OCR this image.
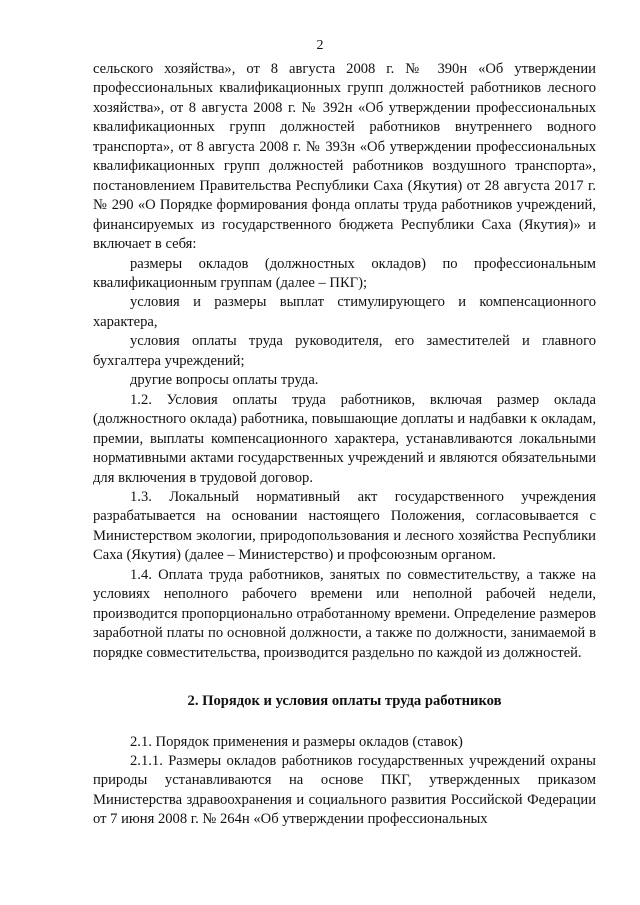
2

сельского хозяйства», от 8 августа 2008 г. № 390н «Об утверждении профессиональных квалификационных групп должностей работников лесного хозяйства», от 8 августа 2008 г. № 392н «Об утверждении профессиональных квалификационных групп должностей работников внутреннего водного транспорта», от 8 августа 2008 г. № 393н «Об утверждении профессиональных квалификационных групп должностей работников воздушного транспорта», постановлением Правительства Республики Саха (Якутия) от 28 августа 2017 г. № 290 «О Порядке формирования фонда оплаты труда работников учреждений, финансируемых из государственного бюджета Республики Саха (Якутия)» и включает в себя:

размеры окладов (должностных окладов) по профессиональным квалификационным группам (далее – ПКГ);

условия и размеры выплат стимулирующего и компенсационного характера,

условия оплаты труда руководителя, его заместителей и главного бухгалтера учреждений;

другие вопросы оплаты труда.

1.2. Условия оплаты труда работников, включая размер оклада (должностного оклада) работника, повышающие доплаты и надбавки к окладам, премии, выплаты компенсационного характера, устанавливаются локальными нормативными актами государственных учреждений и являются обязательными для включения в трудовой договор.

1.3. Локальный нормативный акт государственного учреждения разрабатывается на основании настоящего Положения, согласовывается с Министерством экологии, природопользования и лесного хозяйства Республики Саха (Якутия) (далее – Министерство) и профсоюзным органом.

1.4. Оплата труда работников, занятых по совместительству, а также на условиях неполного рабочего времени или неполной рабочей недели, производится пропорционально отработанному времени. Определение размеров заработной платы по основной должности, а также по должности, занимаемой в порядке совместительства, производится раздельно по каждой из должностей.

2. Порядок и условия оплаты труда работников

2.1. Порядок применения и размеры окладов (ставок)

2.1.1. Размеры окладов работников государственных учреждений охраны природы устанавливаются на основе ПКГ, утвержденных приказом Министерства здравоохранения и социального развития Российской Федерации от 7 июня 2008 г. № 264н «Об утверждении профессиональных
